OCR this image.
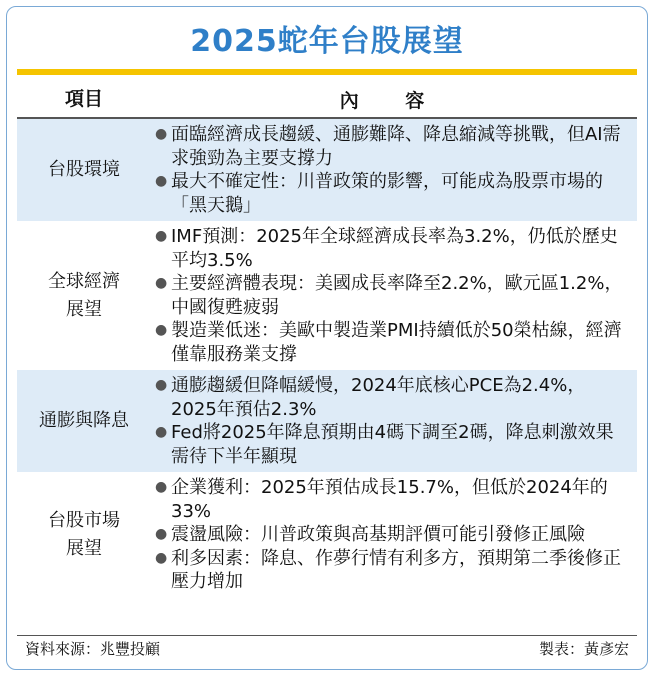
2025蛇年台股展望
項目	內 容
台股環境
● 面臨經濟成長趨緩、通膨難降、降息縮減等挑戰，但AI需求強勁為主要支撐力
● 最大不確定性：川普政策的影響，可能成為股票市場的「黑天鵝」
全球經濟展望
● IMF預測：2025年全球經濟成長率為3.2%，仍低於歷史平均3.5%
● 主要經濟體表現：美國成長率降至2.2%，歐元區1.2%，中國復甦疲弱
● 製造業低迷：美歐中製造業PMI持續低於50榮枯線，經濟僅靠服務業支撐
通膨與降息
● 通膨趨緩但降幅緩慢，2024年底核心PCE為2.4%，2025年預估2.3%
● Fed將2025年降息預期由4碼下調至2碼，降息刺激效果需待下半年顯現
台股市場展望
● 企業獲利：2025年預估成長15.7%，但低於2024年的33%
● 震盪風險：川普政策與高基期評價可能引發修正風險
● 利多因素：降息、作夢行情有利多方，預期第二季後修正壓力增加
資料來源：兆豐投顧	製表：黃彥宏
